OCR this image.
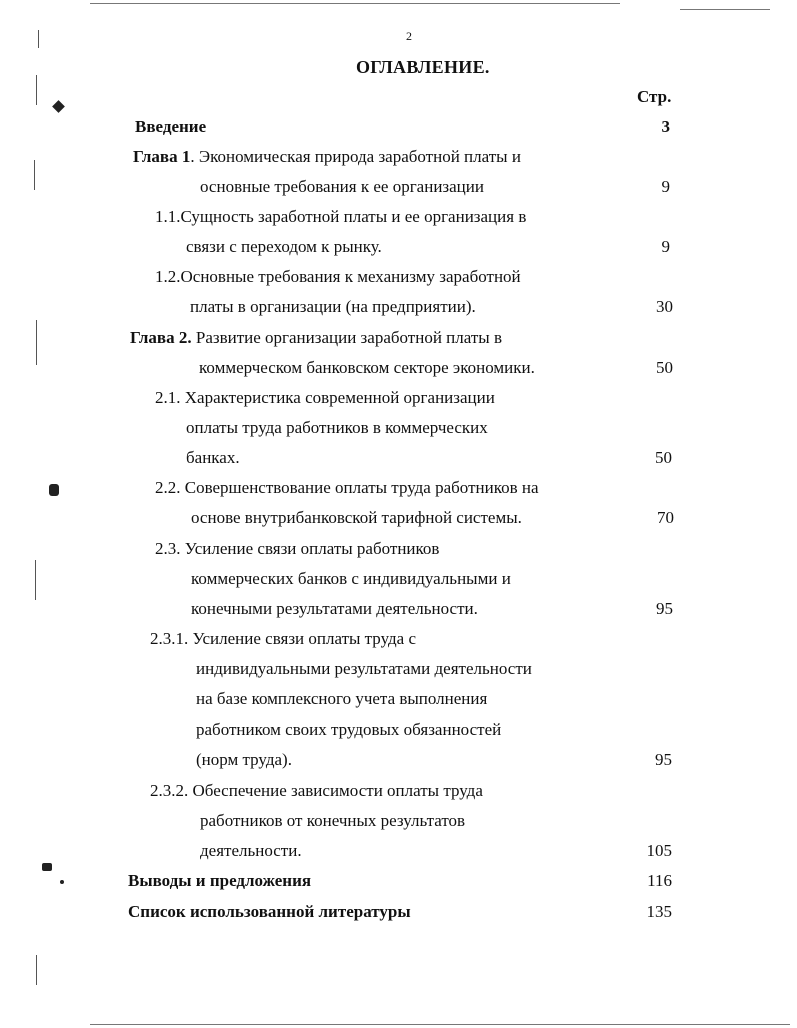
2
ОГЛАВЛЕНИЕ.
Стр.
Введение	3
Глава 1. Экономическая природа заработной платы и
основные требования к ее организации	9
1.1.Сущность заработной платы и ее организация в
связи с переходом к рынку.	9
1.2.Основные требования к механизму заработной
платы в организации (на предприятии).	30
Глава 2. Развитие организации заработной платы в
коммерческом банковском секторе экономики.	50
2.1. Характеристика современной организации
оплаты труда работников в коммерческих
банках.	50
2.2. Совершенствование оплаты труда работников на
основе внутрибанковской тарифной системы.	70
2.3. Усиление связи оплаты работников
коммерческих банков с индивидуальными и
конечными результатами деятельности.	95
2.3.1. Усиление связи оплаты труда с
индивидуальными результатами деятельности
на базе комплексного учета выполнения
работником своих трудовых обязанностей
(норм труда).	95
2.3.2. Обеспечение зависимости оплаты труда
работников от конечных результатов
деятельности.	105
Выводы и предложения	116
Список использованной литературы	135
